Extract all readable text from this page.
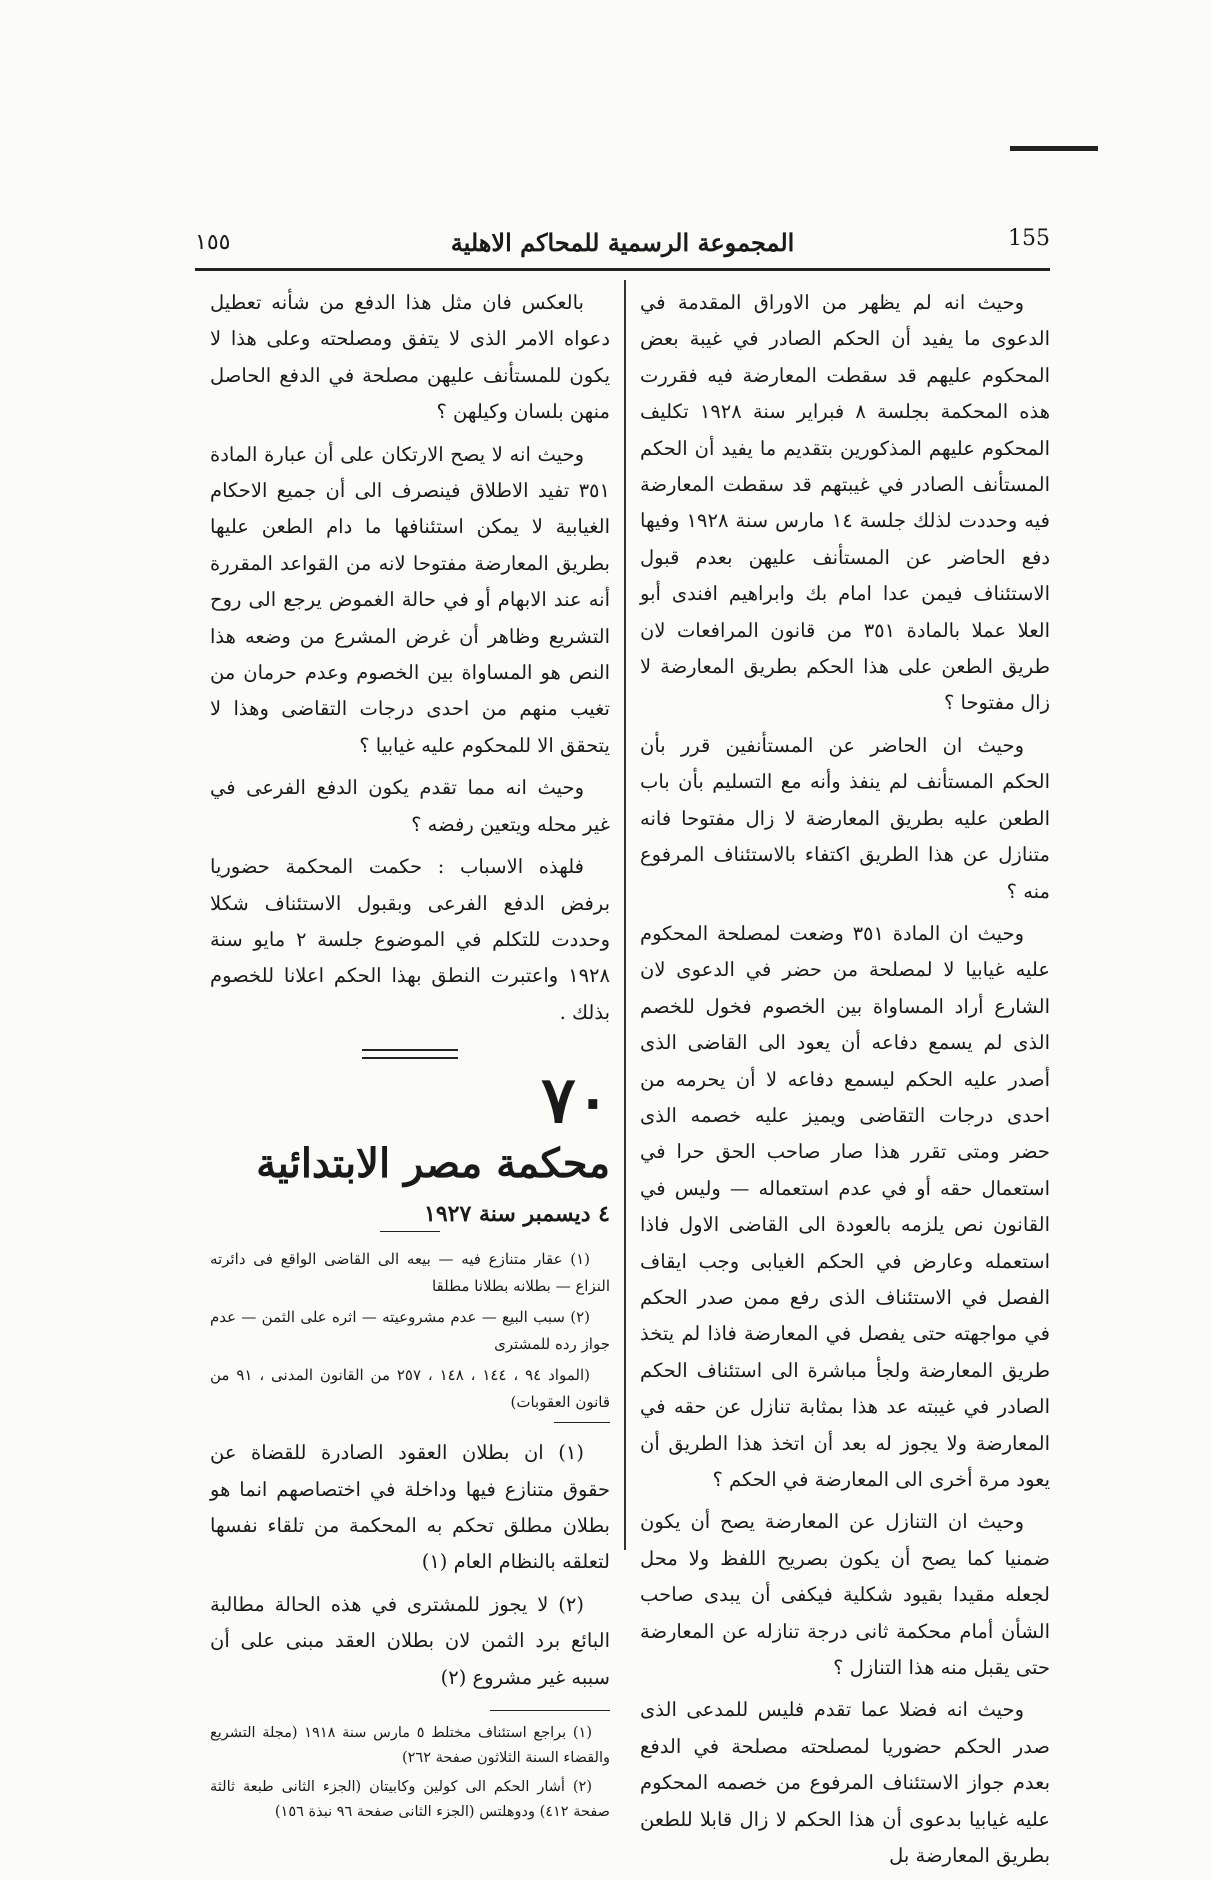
١٥٥	المجموعة الرسمية للمحاكم الاهلية	155

وحيث انه لم يظهر من الاوراق المقدمة في الدعوى ما يفيد أن الحكم الصادر في غيبة بعض المحكوم عليهم قد سقطت المعارضة فيه فقررت هذه المحكمة بجلسة ٨ فبراير سنة ١٩٢٨ تكليف المحكوم عليهم المذكورين بتقديم ما يفيد أن الحكم المستأنف الصادر في غيبتهم قد سقطت المعارضة فيه وحددت لذلك جلسة ١٤ مارس سنة ١٩٢٨ وفيها دفع الحاضر عن المستأنف عليهن بعدم قبول الاستئناف فيمن عدا امام بك وابراهيم افندى أبو العلا عملا بالمادة ٣٥١ من قانون المرافعات لان طريق الطعن على هذا الحكم بطريق المعارضة لا زال مفتوحا ؟

وحيث ان الحاضر عن المستأنفين قرر بأن الحكم المستأنف لم ينفذ وأنه مع التسليم بأن باب الطعن عليه بطريق المعارضة لا زال مفتوحا فانه متنازل عن هذا الطريق اكتفاء بالاستئناف المرفوع منه ؟

وحيث ان المادة ٣٥١ وضعت لمصلحة المحكوم عليه غيابيا لا لمصلحة من حضر في الدعوى لان الشارع أراد المساواة بين الخصوم فخول للخصم الذى لم يسمع دفاعه أن يعود الى القاضى الذى أصدر عليه الحكم ليسمع دفاعه لا أن يحرمه من احدى درجات التقاضى ويميز عليه خصمه الذى حضر ومتى تقرر هذا صار صاحب الحق حرا في استعمال حقه أو في عدم استعماله — وليس في القانون نص يلزمه بالعودة الى القاضى الاول فاذا استعمله وعارض في الحكم الغيابى وجب ايقاف الفصل في الاستئناف الذى رفع ممن صدر الحكم في مواجهته حتى يفصل في المعارضة فاذا لم يتخذ طريق المعارضة ولجأ مباشرة الى استئناف الحكم الصادر في غيبته عد هذا بمثابة تنازل عن حقه في المعارضة ولا يجوز له بعد أن اتخذ هذا الطريق أن يعود مرة أخرى الى المعارضة في الحكم ؟

وحيث ان التنازل عن المعارضة يصح أن يكون ضمنيا كما يصح أن يكون بصريح اللفظ ولا محل لجعله مقيدا بقيود شكلية فيكفى أن يبدى صاحب الشأن أمام محكمة ثانى درجة تنازله عن المعارضة حتى يقبل منه هذا التنازل ؟

وحيث انه فضلا عما تقدم فليس للمدعى الذى صدر الحكم حضوريا لمصلحته مصلحة في الدفع بعدم جواز الاستئناف المرفوع من خصمه المحكوم عليه غيابيا بدعوى أن هذا الحكم لا زال قابلا للطعن بطريق المعارضة بل

بالعكس فان مثل هذا الدفع من شأنه تعطيل دعواه الامر الذى لا يتفق ومصلحته وعلى هذا لا يكون للمستأنف عليهن مصلحة في الدفع الحاصل منهن بلسان وكيلهن ؟

وحيث انه لا يصح الارتكان على أن عبارة المادة ٣٥١ تفيد الاطلاق فينصرف الى أن جميع الاحكام الغيابية لا يمكن استئنافها ما دام الطعن عليها بطريق المعارضة مفتوحا لانه من القواعد المقررة أنه عند الابهام أو في حالة الغموض يرجع الى روح التشريع وظاهر أن غرض المشرع من وضعه هذا النص هو المساواة بين الخصوم وعدم حرمان من تغيب منهم من احدى درجات التقاضى وهذا لا يتحقق الا للمحكوم عليه غيابيا ؟

وحيث انه مما تقدم يكون الدفع الفرعى في غير محله ويتعين رفضه ؟

فلهذه الاسباب : حكمت المحكمة حضوريا برفض الدفع الفرعى وبقبول الاستئناف شكلا وحددت للتكلم في الموضوع جلسة ٢ مايو سنة ١٩٢٨ واعتبرت النطق بهذا الحكم اعلانا للخصوم بذلك .

٧٠

محكمة مصر الابتدائية

٤ ديسمبر سنة ١٩٢٧

(١) عقار متنازع فيه — بيعه الى القاضى الواقع فى دائرته النزاع — بطلانه بطلانا مطلقا

(٢) سبب البيع — عدم مشروعيته — اثره على الثمن — عدم جواز رده للمشترى

(المواد ٩٤ ، ١٤٤ ، ١٤٨ ، ٢٥٧ من القانون المدنى ، ٩١ من قانون العقوبات)

(١) ان بطلان العقود الصادرة للقضاة عن حقوق متنازع فيها وداخلة في اختصاصهم انما هو بطلان مطلق تحكم به المحكمة من تلقاء نفسها لتعلقه بالنظام العام (١)

(٢) لا يجوز للمشترى في هذه الحالة مطالبة البائع برد الثمن لان بطلان العقد مبنى على أن سببه غير مشروع (٢)

(١) براجع استئناف مختلط ٥ مارس سنة ١٩١٨ (مجلة التشريع والقضاء السنة الثلاثون صفحة ٢٦٢)

(٢) أشار الحكم الى كولين وكابيتان (الجزء الثانى طبعة ثالثة صفحة ٤١٢) ودوهلتس (الجزء الثانى صفحة ٩٦ نبذة ١٥٦)
